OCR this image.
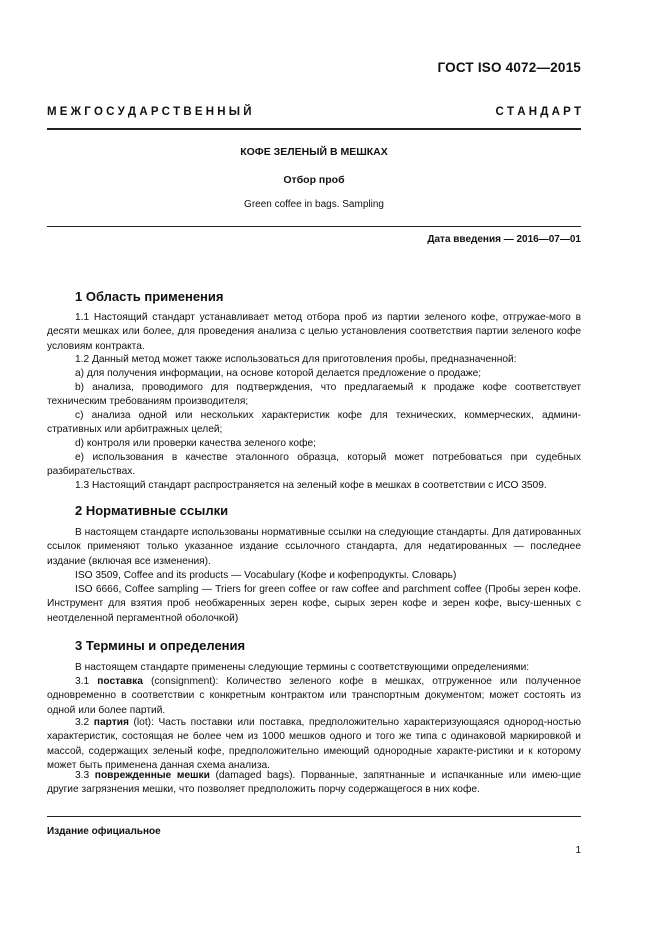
ГОСТ ISO 4072—2015
М Е Ж Г О С У Д А Р С Т В Е Н Н Ы Й	С Т А Н Д А Р Т
КОФЕ ЗЕЛЕНЫЙ В МЕШКАХ
Отбор проб
Green coffee in bags. Sampling
Дата введения — 2016—07—01
1 Область применения

1.1 Настоящий стандарт устанавливает метод отбора проб из партии зеленого кофе, отгружае-мого в десяти мешках или более, для проведения анализа с целью установления соответствия партии зеленого кофе условиям контракта.

1.2 Данный метод может также использоваться для приготовления пробы, предназначенной:

a) для получения информации, на основе которой делается предложение о продаже;

b) анализа, проводимого для подтверждения, что предлагаемый к продаже кофе соответствует техническим требованиям производителя;

c) анализа одной или нескольких характеристик кофе для технических, коммерческих, админи-стративных или арбитражных целей;

d) контроля или проверки качества зеленого кофе;

e) использования в качестве эталонного образца, который может потребоваться при судебных разбирательствах.

1.3 Настоящий стандарт распространяется на зеленый кофе в мешках в соответствии с ИСО 3509.

2 Нормативные ссылки

В настоящем стандарте использованы нормативные ссылки на следующие стандарты. Для датированных ссылок применяют только указанное издание ссылочного стандарта, для недатированных — последнее издание (включая все изменения).

ISO 3509, Coffee and its products — Vocabulary (Кофе и кофепродукты. Словарь)

ISO 6666, Coffee sampling — Triers for green coffee or raw coffee and parchment coffee (Пробы зерен кофе. Инструмент для взятия проб необжаренных зерен кофе, сырых зерен кофе и зерен кофе, высу-шенных с неотделенной пергаментной оболочкой)

3 Термины и определения

В настоящем стандарте применены следующие термины с соответствующими определениями:

3.1 поставка (consignment): Количество зеленого кофе в мешках, отгруженное или полученное одновременно в соответствии с конкретным контрактом или транспортным документом; может состоять из одной или более партий.

3.2 партия (lot): Часть поставки или поставка, предположительно характеризующаяся однород-ностью характеристик, состоящая не более чем из 1000 мешков одного и того же типа с одинаковой маркировкой и массой, содержащих зеленый кофе, предположительно имеющий однородные характе-ристики и к которому может быть применена данная схема анализа.

3.3 поврежденные мешки (damaged bags). Порванные, запятнанные и испачканные или имею-щие другие загрязнения мешки, что позволяет предположить порчу содержащегося в них кофе.

Издание официальное
1
